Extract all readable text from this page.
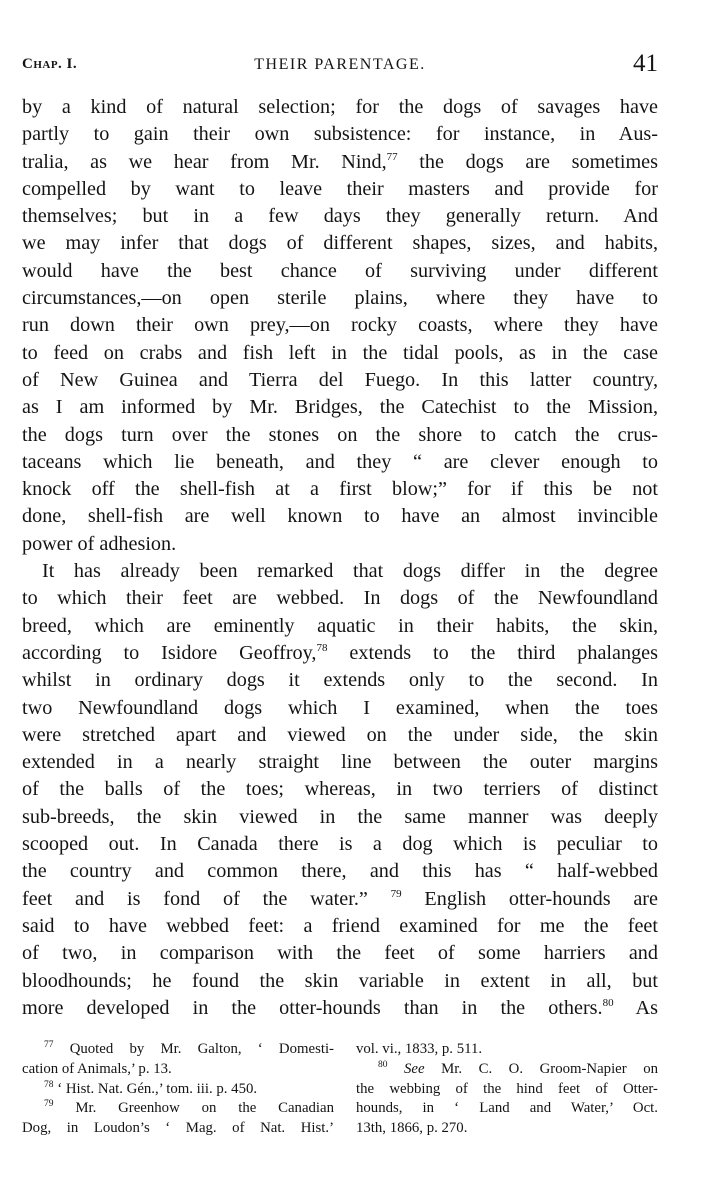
Chap. I.	THEIR PARENTAGE.	41
by a kind of natural selection; for the dogs of savages have
partly to gain their own subsistence: for instance, in Aus-
tralia, as we hear from Mr. Nind,$^{77}$ the dogs are sometimes
compelled by want to leave their masters and provide for
themselves; but in a few days they generally return. And
we may infer that dogs of different shapes, sizes, and habits,
would have the best chance of surviving under different
circumstances,—on open sterile plains, where they have to
run down their own prey,—on rocky coasts, where they have
to feed on crabs and fish left in the tidal pools, as in the case
of New Guinea and Tierra del Fuego. In this latter country,
as I am informed by Mr. Bridges, the Catechist to the Mission,
the dogs turn over the stones on the shore to catch the crus-
taceans which lie beneath, and they “ are clever enough to
knock off the shell-fish at a first blow;” for if this be not
done, shell-fish are well known to have an almost invincible
power of adhesion.
It has already been remarked that dogs differ in the degree
to which their feet are webbed. In dogs of the Newfoundland
breed, which are eminently aquatic in their habits, the skin,
according to Isidore Geoffroy,$^{78}$ extends to the third phalanges
whilst in ordinary dogs it extends only to the second. In
two Newfoundland dogs which I examined, when the toes
were stretched apart and viewed on the under side, the skin
extended in a nearly straight line between the outer margins
of the balls of the toes; whereas, in two terriers of distinct
sub-breeds, the skin viewed in the same manner was deeply
scooped out. In Canada there is a dog which is peculiar to
the country and common there, and this has “ half-webbed
feet and is fond of the water.” $^{79}$ English otter-hounds are
said to have webbed feet: a friend examined for me the feet
of two, in comparison with the feet of some harriers and
bloodhounds; he found the skin variable in extent in all, but
more developed in the otter-hounds than in the others.$^{80}$ As
$^{77}$ Quoted by Mr. Galton, ‘ Domesti-
cation of Animals,’ p. 13.
$^{78}$ ‘ Hist. Nat. Gén.,’ tom. iii. p. 450.
$^{79}$ Mr. Greenhow on the Canadian
Dog, in Loudon’s ‘ Mag. of Nat. Hist.’
vol. vi., 1833, p. 511.
$^{80}$ See Mr. C. O. Groom-Napier on
the webbing of the hind feet of Otter-
hounds, in ‘ Land and Water,’ Oct.
13th, 1866, p. 270.
